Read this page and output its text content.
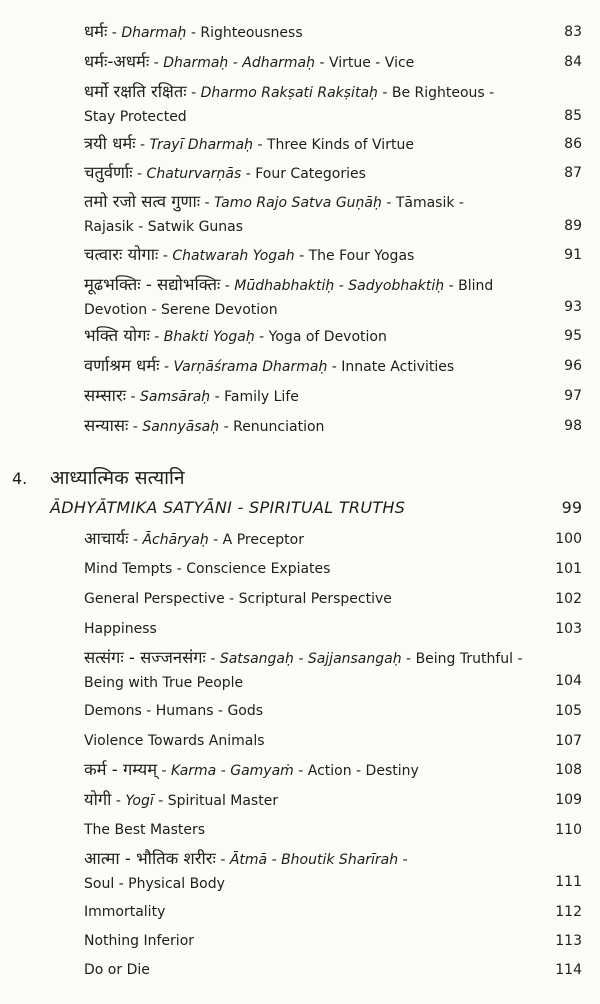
धर्मः - Dharmaḥ - Righteousness	83
धर्मः-अधर्मः - Dharmaḥ - Adharmaḥ - Virtue - Vice	84
धर्मो रक्षति रक्षितः - Dharmo Rakṣati Rakṣitaḥ - Be Righteous -
Stay Protected	85
त्रयी धर्मः - Trayī Dharmaḥ - Three Kinds of Virtue	86
चतुर्वर्णाः - Chaturvarṇās - Four Categories	87
तमो रजो सत्व गुणाः - Tamo Rajo Satva Guṇāḥ - Tāmasik -
Rajasik - Satwik Gunas	89
चत्वारः योगाः - Chatwarah Yogah - The Four Yogas	91
मूढभक्तिः - सद्योभक्तिः - Mūdhabhaktiḥ - Sadyobhaktiḥ - Blind
Devotion - Serene Devotion	93
भक्ति योगः - Bhakti Yogaḥ - Yoga of Devotion	95
वर्णाश्रम धर्मः - Varṇāśrama Dharmaḥ - Innate Activities	96
सम्सारः - Samsāraḥ - Family Life	97
सन्यासः - Sannyāsaḥ - Renunciation	98
4. आध्यात्मिक सत्यानि
ĀDHYĀTMIKA SATYĀNI - SPIRITUAL TRUTHS	99
आचार्यः - Āchāryaḥ - A Preceptor	100
Mind Tempts - Conscience Expiates	101
General Perspective - Scriptural Perspective	102
Happiness	103
सत्संगः - सज्जनसंगः - Satsangaḥ - Sajjansangaḥ - Being Truthful -
Being with True People	104
Demons - Humans - Gods	105
Violence Towards Animals	107
कर्म - गम्यम् - Karma - Gamyaṁ - Action - Destiny	108
योगी - Yogī - Spiritual Master	109
The Best Masters	110
आत्मा - भौतिक शरीरः - Ātmā - Bhoutik Sharīrah -
Soul - Physical Body	111
Immortality	112
Nothing Inferior	113
Do or Die	114
